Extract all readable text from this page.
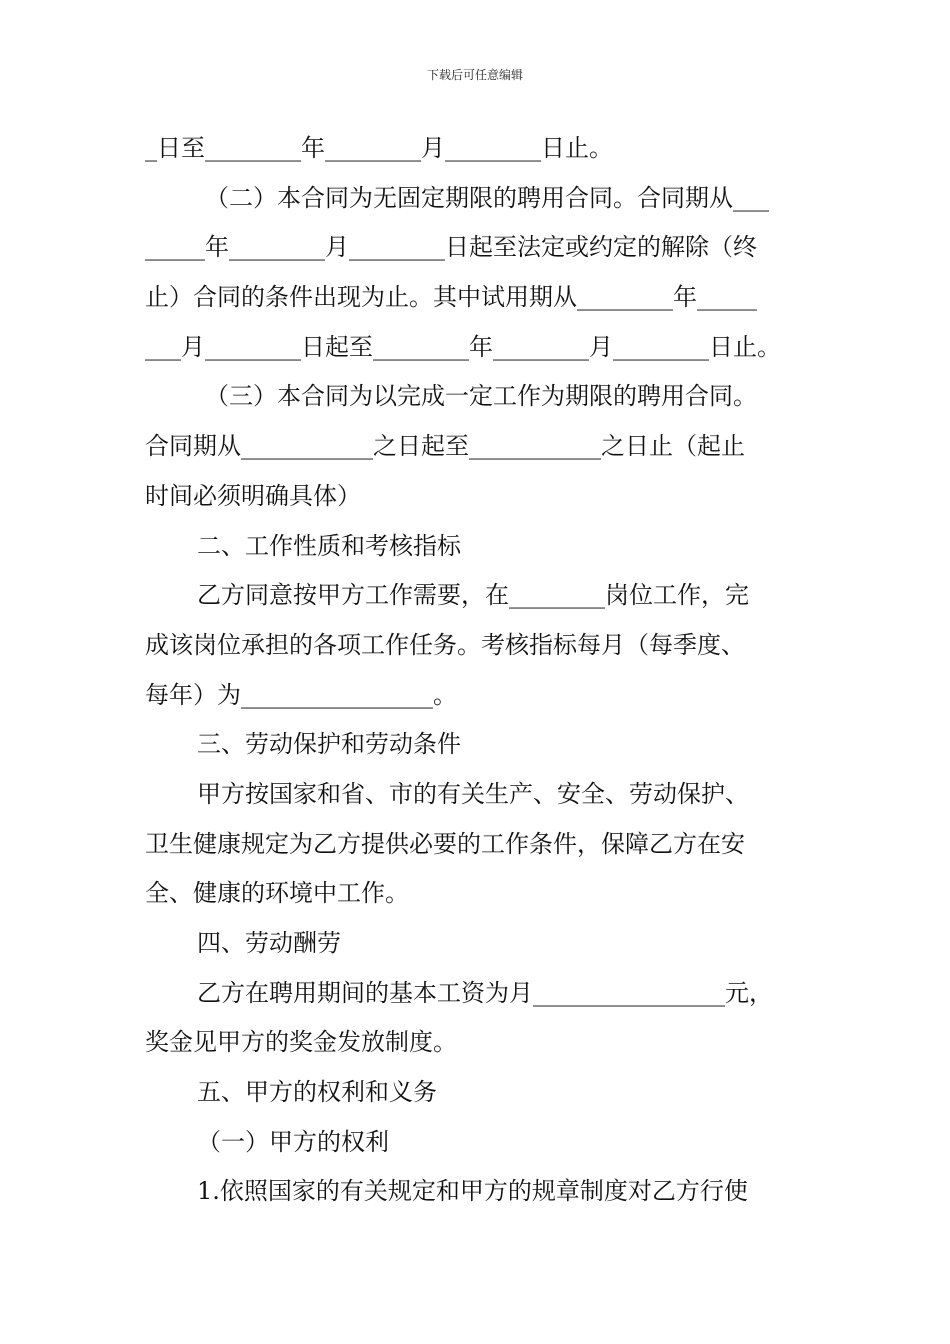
下载后可任意编辑
_日至________年________月________日止。
（二）本合同为无固定期限的聘用合同。合同期从___
_____年________月________日起至法定或约定的解除（终
止）合同的条件出现为止。其中试用期从________年_____
___月________日起至________年________月________日止。
（三）本合同为以完成一定工作为期限的聘用合同。
合同期从___________之日起至___________之日止（起止
时间必须明确具体）
二、工作性质和考核指标
乙方同意按甲方工作需要，在________岗位工作，完
成该岗位承担的各项工作任务。考核指标每月（每季度、
每年）为________________。
三、劳动保护和劳动条件
甲方按国家和省、市的有关生产、安全、劳动保护、
卫生健康规定为乙方提供必要的工作条件，保障乙方在安
全、健康的环境中工作。
四、劳动酬劳
乙方在聘用期间的基本工资为月________________元，
奖金见甲方的奖金发放制度。
五、甲方的权利和义务
（一）甲方的权利
1.依照国家的有关规定和甲方的规章制度对乙方行使
